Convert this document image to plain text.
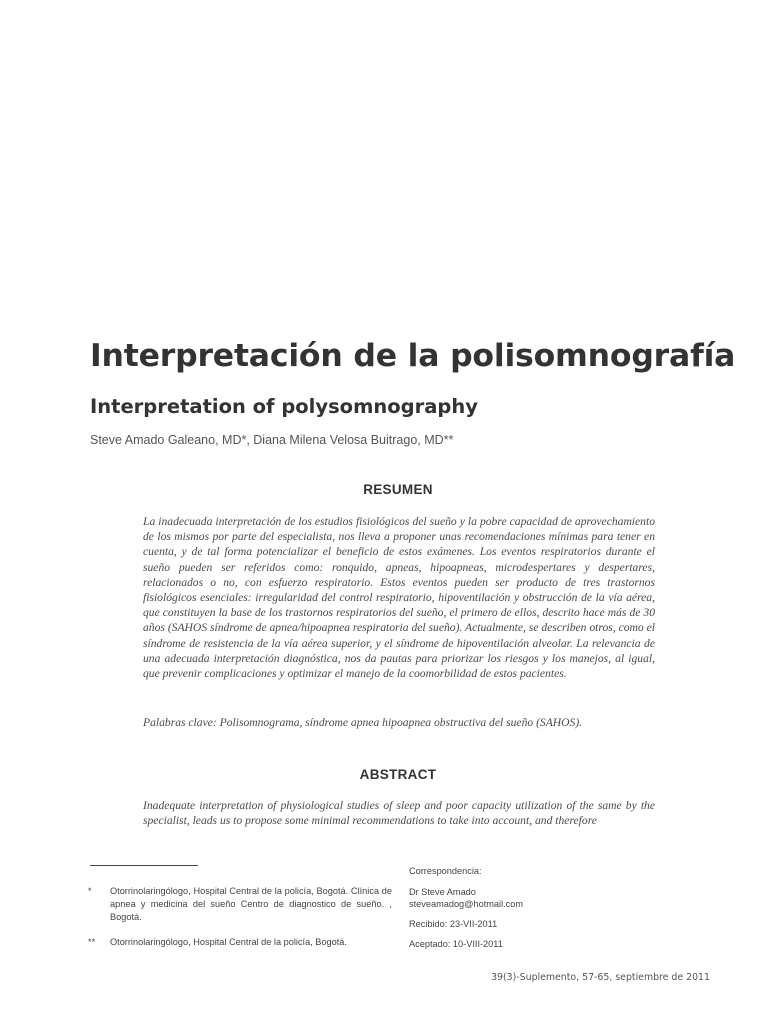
Interpretación de la polisomnografía
Interpretation of polysomnography
Steve Amado Galeano, MD*, Diana Milena Velosa Buitrago, MD**
RESUMEN

La inadecuada interpretación de los estudios fisiológicos del sueño y la pobre capacidad de aprovechamiento de los mismos por parte del especialista, nos lleva a proponer unas recomendaciones mínimas para tener en cuenta, y de tal forma potencializar el beneficio de estos exámenes. Los eventos respiratorios durante el sueño pueden ser referidos como: ronquido, apneas, hipoapneas, microdespertares y despertares, relacionados o no, con esfuerzo respiratorio. Estos eventos pueden ser producto de tres trastornos fisiológicos esenciales: irregularidad del control respiratorio, hipoventilación y obstrucción de la vía aérea, que constituyen la base de los trastornos respiratorios del sueño, el primero de ellos, descrito hace más de 30 años (SAHOS síndrome de apnea/hipoapnea respiratoria del sueño). Actualmente, se describen otros, como el síndrome de resistencia de la vía aérea superior, y el síndrome de hipoventilación alveolar. La relevancia de una adecuada interpretación diagnóstica, nos da pautas para priorizar los riesgos y los manejos, al igual, que prevenir complicaciones y optimizar el manejo de la coomorbilidad de estos pacientes.

Palabras clave: Polisomnograma, síndrome apnea hipoapnea obstructiva del sueño (SAHOS).
ABSTRACT

Inadequate interpretation of physiological studies of sleep and poor capacity utilization of the same by the specialist, leads us to propose some minimal recommendations to take into account, and therefore

* Otorrinolaringólogo, Hospital Central de la policía, Bogotá. Clínica de apnea y medicina del sueño Centro de diagnostico de sueño. , Bogotá.
** Otorrinolaringólogo, Hospital Central de la policía, Bogotá.
Correspondencia:
Dr Steve Amado
steveamadog@hotmail.com
Recibido: 23-VII-2011
Aceptado: 10-VIII-2011
39(3)-Suplemento, 57-65, septiembre de 2011
